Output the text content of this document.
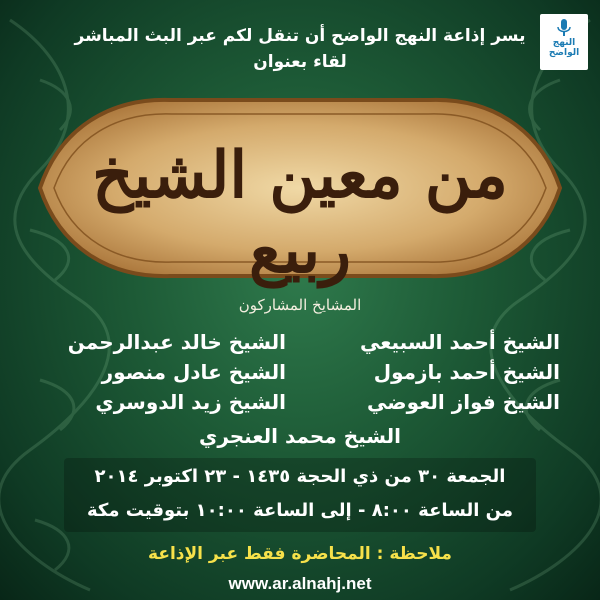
النهج الواضح
يسر إذاعة النهج الواضح أن تنقل لكم عبر البث المباشر
لقاء بعنوان
من معين الشيخ ربيع
المشايخ المشاركون
الشيخ أحمد السبيعي
الشيخ أحمد بازمول
الشيخ فواز العوضي
الشيخ خالد عبدالرحمن
الشيخ عادل منصور
الشيخ زيد الدوسري
الشيخ محمد العنجري
الجمعة ٣٠ من ذي الحجة ١٤٣٥ - ٢٣ اكتوبر ٢٠١٤
من الساعة ٨:٠٠ - إلى الساعة ١٠:٠٠ بتوقيت مكة
ملاحظة : المحاضرة فقط عبر الإذاعة
www.ar.alnahj.net
